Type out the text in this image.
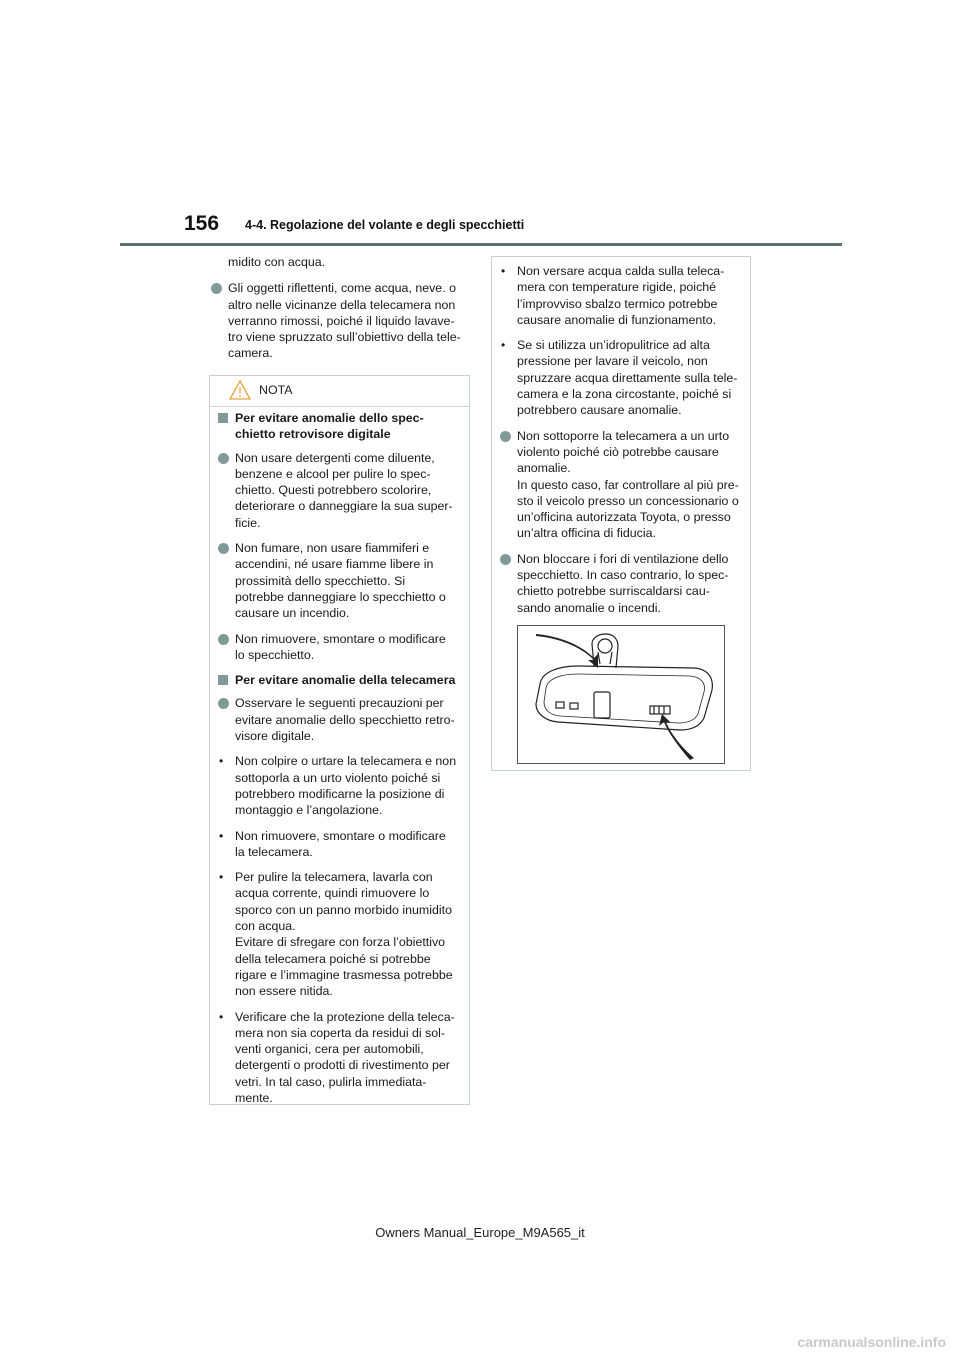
156 4-4. Regolazione del volante e degli specchietti
midito con acqua.
Gli oggetti riflettenti, come acqua, neve. o
altro nelle vicinanze della telecamera non
verranno rimossi, poiché il liquido lavave-
tro viene spruzzato sull’obiettivo della tele-
camera.
NOTA
Per evitare anomalie dello spec-
chietto retrovisore digitale
Non usare detergenti come diluente,
benzene e alcool per pulire lo spec-
chietto. Questi potrebbero scolorire,
deteriorare o danneggiare la sua super-
ficie.
Non fumare, non usare fiammiferi e
accendini, né usare fiamme libere in
prossimità dello specchietto. Si
potrebbe danneggiare lo specchietto o
causare un incendio.
Non rimuovere, smontare o modificare
lo specchietto.
Per evitare anomalie della telecamera
Osservare le seguenti precauzioni per
evitare anomalie dello specchietto retro-
visore digitale.
• Non colpire o urtare la telecamera e non
sottoporla a un urto violento poiché si
potrebbero modificarne la posizione di
montaggio e l’angolazione.
• Non rimuovere, smontare o modificare
la telecamera.
• Per pulire la telecamera, lavarla con
acqua corrente, quindi rimuovere lo
sporco con un panno morbido inumidito
con acqua.
Evitare di sfregare con forza l’obiettivo
della telecamera poiché si potrebbe
rigare e l’immagine trasmessa potrebbe
non essere nitida.
• Verificare che la protezione della teleca-
mera non sia coperta da residui di sol-
venti organici, cera per automobili,
detergenti o prodotti di rivestimento per
vetri. In tal caso, pulirla immediata-
mente.
• Non versare acqua calda sulla teleca-
mera con temperature rigide, poiché
l’improvviso sbalzo termico potrebbe
causare anomalie di funzionamento.
• Se si utilizza un’idropulitrice ad alta
pressione per lavare il veicolo, non
spruzzare acqua direttamente sulla tele-
camera e la zona circostante, poiché si
potrebbero causare anomalie.
Non sottoporre la telecamera a un urto
violento poiché ciò potrebbe causare
anomalie.
In questo caso, far controllare al più pre-
sto il veicolo presso un concessionario o
un’officina autorizzata Toyota, o presso
un’altra officina di fiducia.
Non bloccare i fori di ventilazione dello
specchietto. In caso contrario, lo spec-
chietto potrebbe surriscaldarsi cau-
sando anomalie o incendi.
Owners Manual_Europe_M9A565_it
carmanualsonline.info
